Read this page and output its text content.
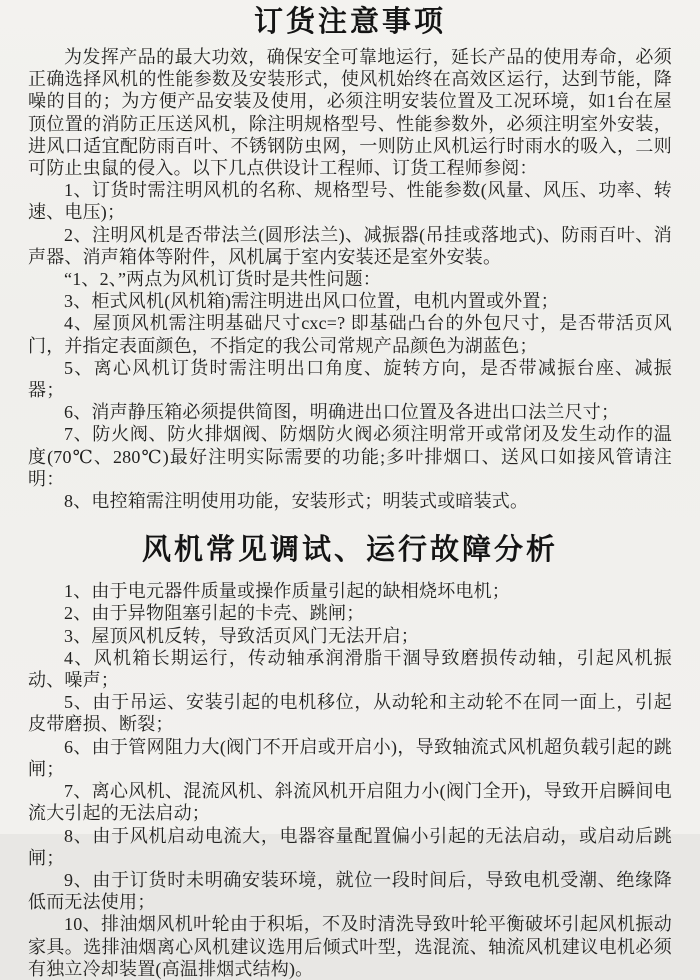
订货注意事项

为发挥产品的最大功效，确保安全可靠地运行，延长产品的使用寿命，必须正确选择风机的性能参数及安装形式，使风机始终在高效区运行，达到节能，降噪的目的；为方便产品安装及使用，必须注明安装位置及工况环境，如1台在屋顶位置的消防正压送风机，除注明规格型号、性能参数外，必须注明室外安装，进风口适宜配防雨百叶、不锈钢防虫网，一则防止风机运行时雨水的吸入，二则可防止虫鼠的侵入。以下几点供设计工程师、订货工程师参阅：

1、订货时需注明风机的名称、规格型号、性能参数(风量、风压、功率、转速、电压)；

2、注明风机是否带法兰(圆形法兰)、减振器(吊挂或落地式)、防雨百叶、消声器、消声箱体等附件，风机属于室内安装还是室外安装。

“1、2、”两点为风机订货时是共性问题：

3、柜式风机(风机箱)需注明进出风口位置，电机内置或外置；

4、屋顶风机需注明基础尺寸cxc=? 即基础凸台的外包尺寸，是否带活页风门，并指定表面颜色，不指定的我公司常规产品颜色为湖蓝色；

5、离心风机订货时需注明出口角度、旋转方向，是否带减振台座、减振器；

6、消声静压箱必须提供简图，明确进出口位置及各进出口法兰尺寸；

7、防火阀、防火排烟阀、防烟防火阀必须注明常开或常闭及发生动作的温度(70℃、280℃)最好注明实际需要的功能;多叶排烟口、送风口如接风管请注明：

8、电控箱需注明使用功能，安装形式；明装式或暗装式。

风机常见调试、运行故障分析

1、由于电元器件质量或操作质量引起的缺相烧坏电机；

2、由于异物阻塞引起的卡壳、跳闸；

3、屋顶风机反转，导致活页风门无法开启；

4、风机箱长期运行，传动轴承润滑脂干涸导致磨损传动轴，引起风机振动、噪声；

5、由于吊运、安装引起的电机移位，从动轮和主动轮不在同一面上，引起皮带磨损、断裂；

6、由于管网阻力大(阀门不开启或开启小)，导致轴流式风机超负载引起的跳闸；

7、离心风机、混流风机、斜流风机开启阻力小(阀门全开)，导致开启瞬间电流大引起的无法启动；

8、由于风机启动电流大，电器容量配置偏小引起的无法启动，或启动后跳闸；

9、由于订货时未明确安装环境，就位一段时间后，导致电机受潮、绝缘降低而无法使用；

10、排油烟风机叶轮由于积垢，不及时清洗导致叶轮平衡破坏引起风机振动家具。选排油烟离心风机建议选用后倾式叶型，选混流、轴流风机建议电机必须有独立冷却装置(高温排烟式结构)。
